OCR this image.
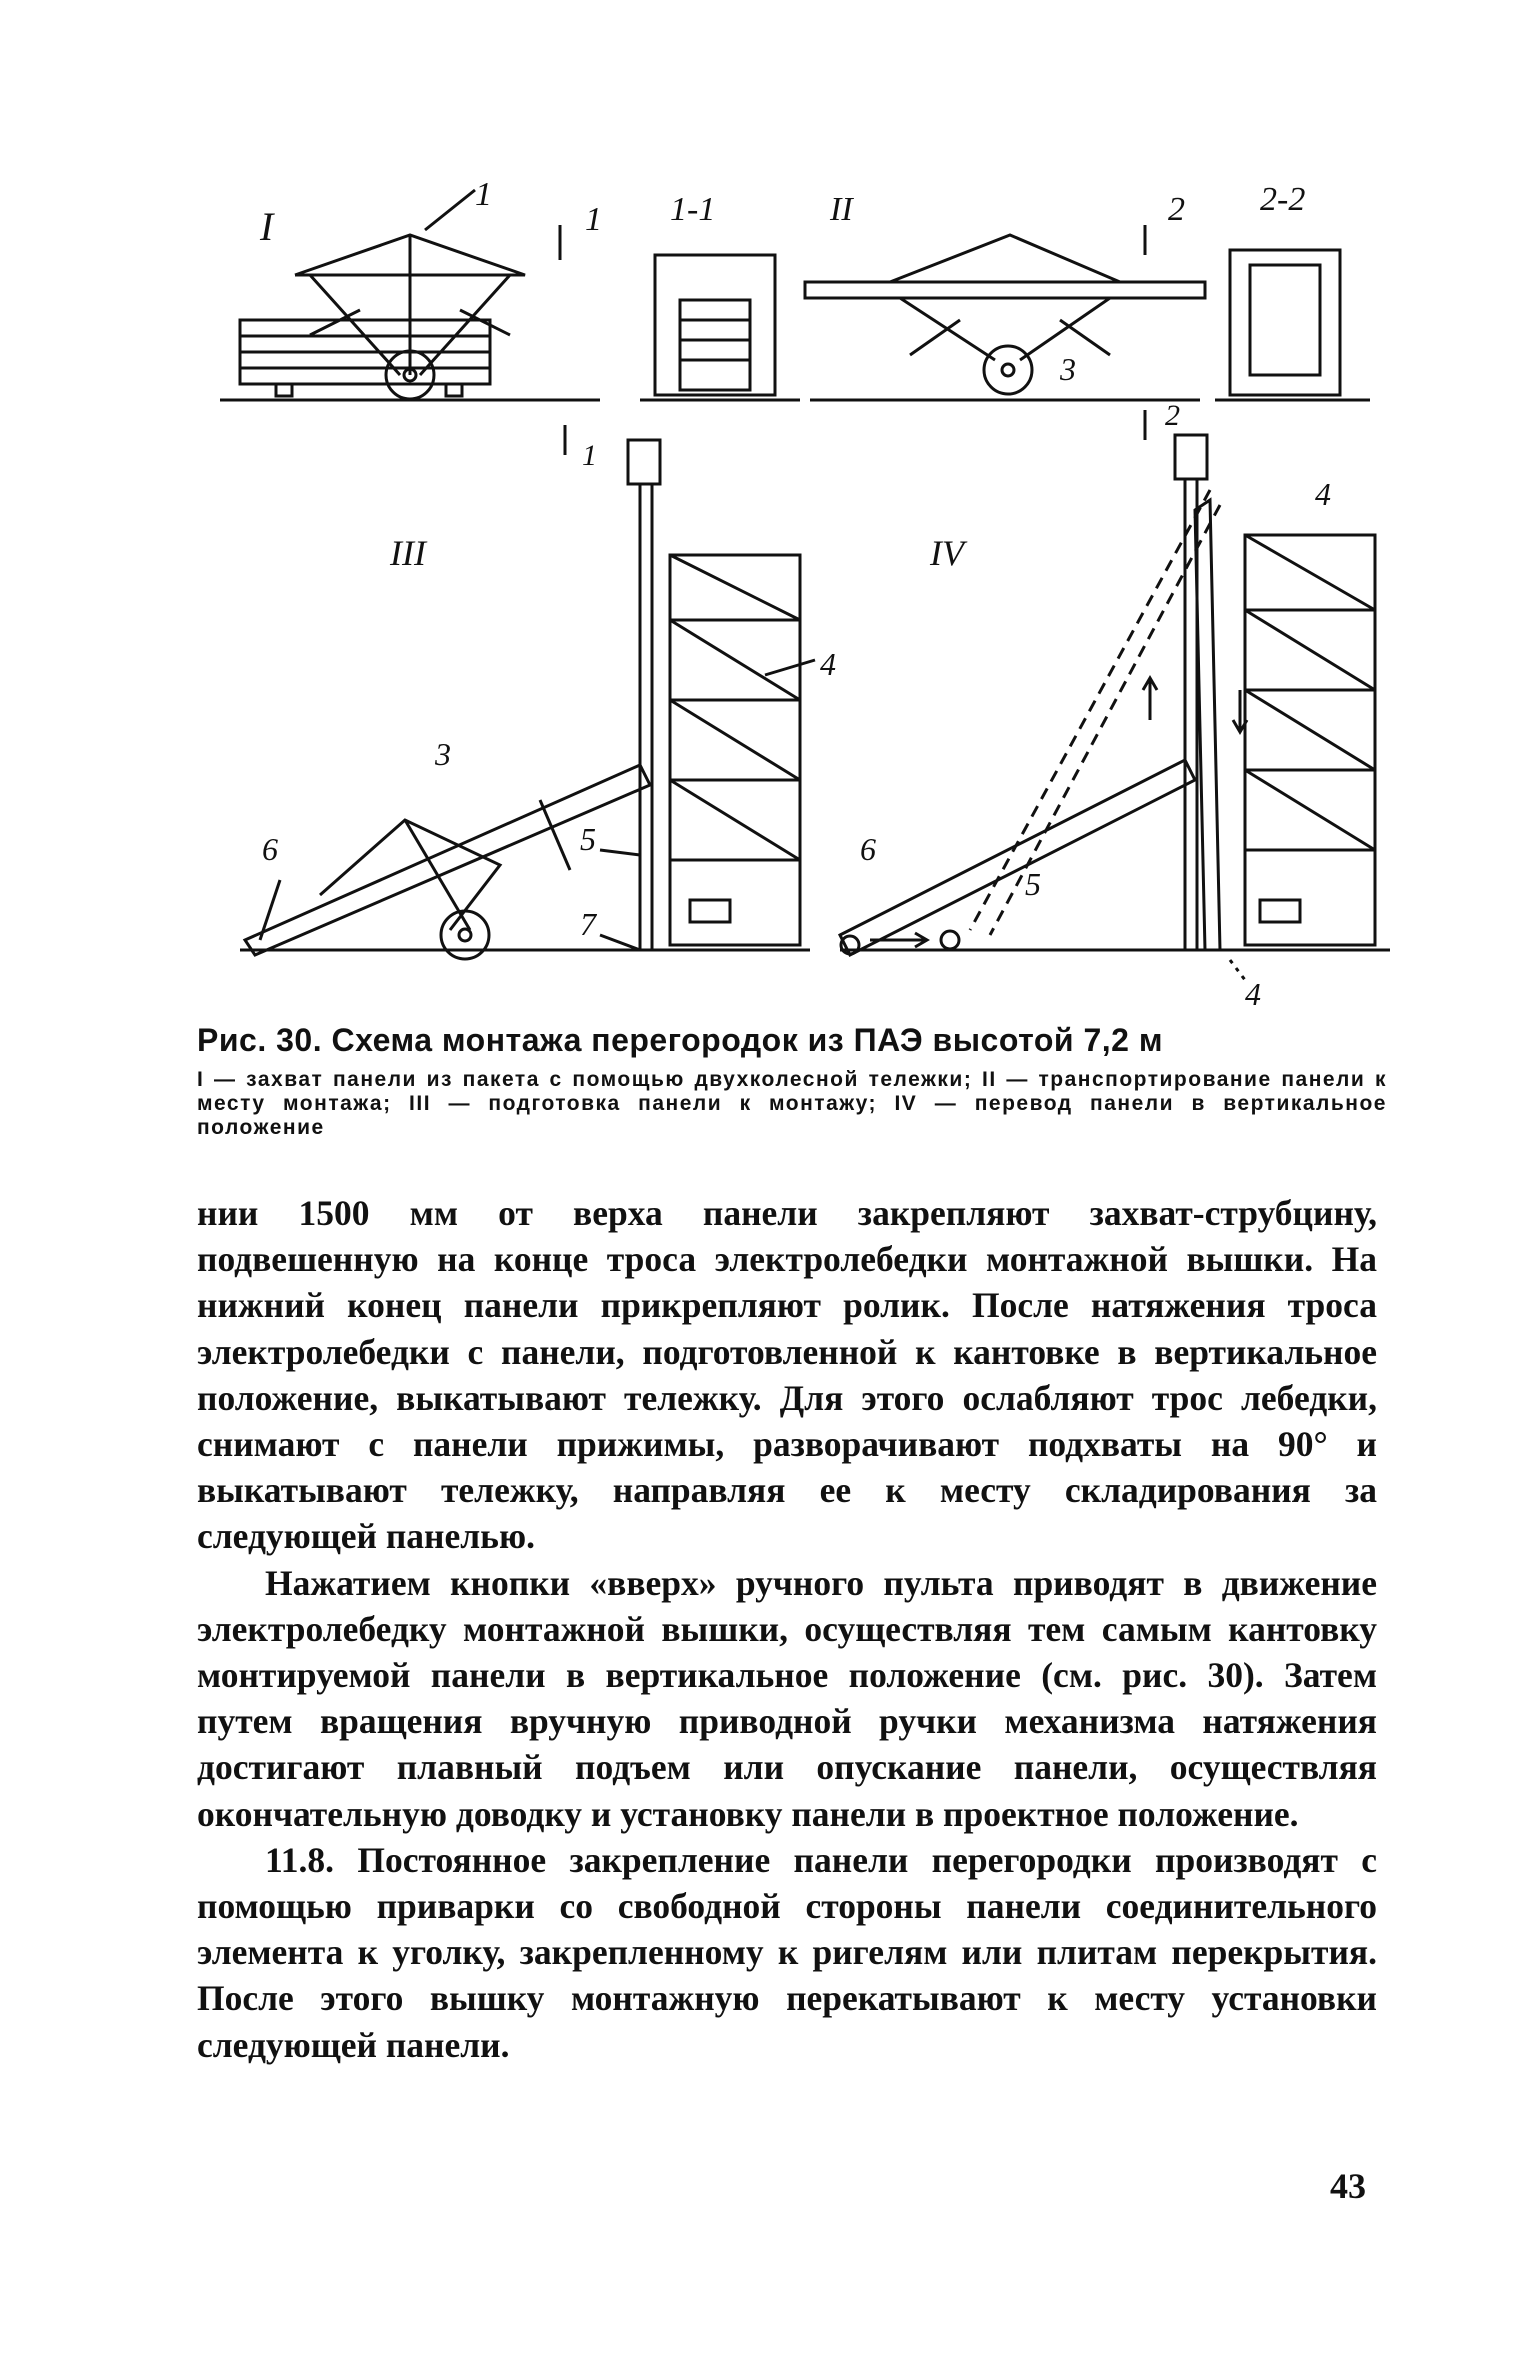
I
1
1 1-1	II
3
2 2-2
1
III
3
6	5
7
4
2
IV
4
6
5
4

Рис. 30. Схема монтажа перегородок из ПАЭ высотой 7,2 м

I — захват панели из пакета с помощью двухколесной тележки; II — транспортирование панели к месту монтажа; III — подготовка панели к монтажу; IV — перевод панели в вертикальное положение

нии 1500 мм от верха панели закрепляют захват-струбцину, подвешенную на конце троса электролебедки монтажной вышки. На нижний конец панели прикрепляют ролик. После натяжения троса электролебедки с панели, подготовленной к кантовке в вертикальное положение, выкатывают тележку. Для этого ослабляют трос лебедки, снимают с панели прижимы, разворачивают подхваты на 90° и выкатывают тележку, направляя ее к месту складирования за следующей панелью.

Нажатием кнопки «вверх» ручного пульта приводят в движение электролебедку монтажной вышки, осуществляя тем самым кантовку монтируемой панели в вертикальное положение (см. рис. 30). Затем путем вращения вручную приводной ручки механизма натяжения достигают плавный подъем или опускание панели, осуществляя окончательную доводку и установку панели в проектное положение.

11.8. Постоянное закрепление панели перегородки производят с помощью приварки со свободной стороны панели соединительного элемента к уголку, закрепленному к ригелям или плитам перекрытия. После этого вышку монтажную перекатывают к месту установки следующей панели.

43
